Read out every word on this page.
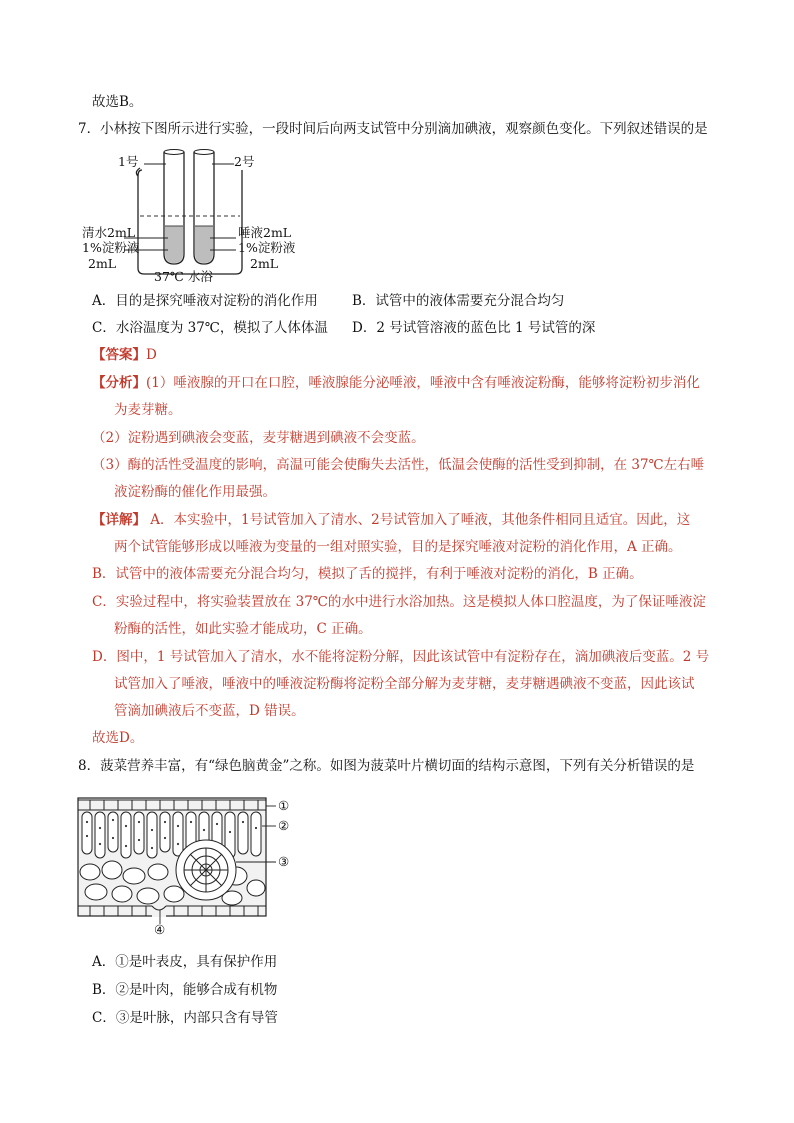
故选B。
7．小林按下图所示进行实验，一段时间后向两支试管中分别滴加碘液，观察颜色变化。下列叙述错误的是
1号	2号
清水2mL
1%淀粉液
2mL
唾液2mL
1%淀粉液
2mL
37℃ 水浴
A．目的是探究唾液对淀粉的消化作用	B．试管中的液体需要充分混合均匀
C．水浴温度为 37℃，模拟了人体体温 D．2 号试管溶液的蓝色比 1 号试管的深
【答案】D
【分析】(1）唾液腺的开口在口腔，唾液腺能分泌唾液，唾液中含有唾液淀粉酶，能够将淀粉初步消化
为麦芽糖。
（2）淀粉遇到碘液会变蓝，麦芽糖遇到碘液不会变蓝。
（3）酶的活性受温度的影响，高温可能会使酶失去活性，低温会使酶的活性受到抑制，在 37℃左右唾
液淀粉酶的催化作用最强。
【详解】 A．本实验中，1号试管加入了清水、2号试管加入了唾液，其他条件相同且适宜。因此，这
两个试管能够形成以唾液为变量的一组对照实验，目的是探究唾液对淀粉的消化作用，A 正确。
B．试管中的液体需要充分混合均匀，模拟了舌的搅拌，有利于唾液对淀粉的消化，B 正确。
C．实验过程中，将实验装置放在 37℃的水中进行水浴加热。这是模拟人体口腔温度，为了保证唾液淀
粉酶的活性，如此实验才能成功，C 正确。
D．图中，1 号试管加入了清水，水不能将淀粉分解，因此该试管中有淀粉存在，滴加碘液后变蓝。2 号
试管加入了唾液，唾液中的唾液淀粉酶将淀粉全部分解为麦芽糖，麦芽糖遇碘液不变蓝，因此该试
管滴加碘液后不变蓝，D 错误。
故选D。
8．菠菜营养丰富，有“绿色脑黄金”之称。如图为菠菜叶片横切面的结构示意图，下列有关分析错误的是
①
②
③
④
A．①是叶表皮，具有保护作用
B．②是叶肉，能够合成有机物
C．③是叶脉，内部只含有导管
